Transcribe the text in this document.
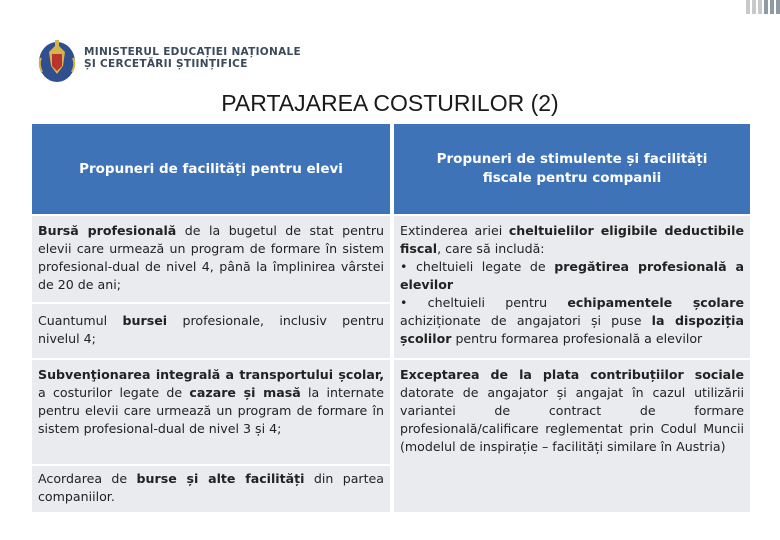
MINISTERUL EDUCAȚIEI NAȚIONALE
ȘI CERCETĂRII ȘTIINȚIFICE
PARTAJAREA COSTURILOR (2)
Propuneri de facilități pentru elevi
Propuneri de stimulente și facilități
fiscale pentru companii
Bursă profesională de la bugetul de stat pentru elevii care urmează un program de formare în sistem profesional-dual de nivel 4, până la împlinirea vârstei de 20 de ani;
Cuantumul bursei profesionale, inclusiv pentru nivelul 4;
Subvenţionarea integrală a transportului școlar, a costurilor legate de cazare și masă la internate pentru elevii care urmează un program de formare în sistem profesional-dual de nivel 3 și 4;
Acordarea de burse și alte facilități din partea companiilor.
Extinderea ariei cheltuielilor eligibile deductibile fiscal, care să includă:
• cheltuieli legate de pregătirea profesională a elevilor
• cheltuieli pentru echipamentele școlare achiziționate de angajatori și puse la dispoziția școlilor pentru formarea profesională a elevilor
Exceptarea de la plata contribuțiilor sociale datorate de angajator și angajat în cazul utilizării variantei de contract de formare profesională/calificare reglementat prin Codul Muncii (modelul de inspirație – facilități similare în Austria)
